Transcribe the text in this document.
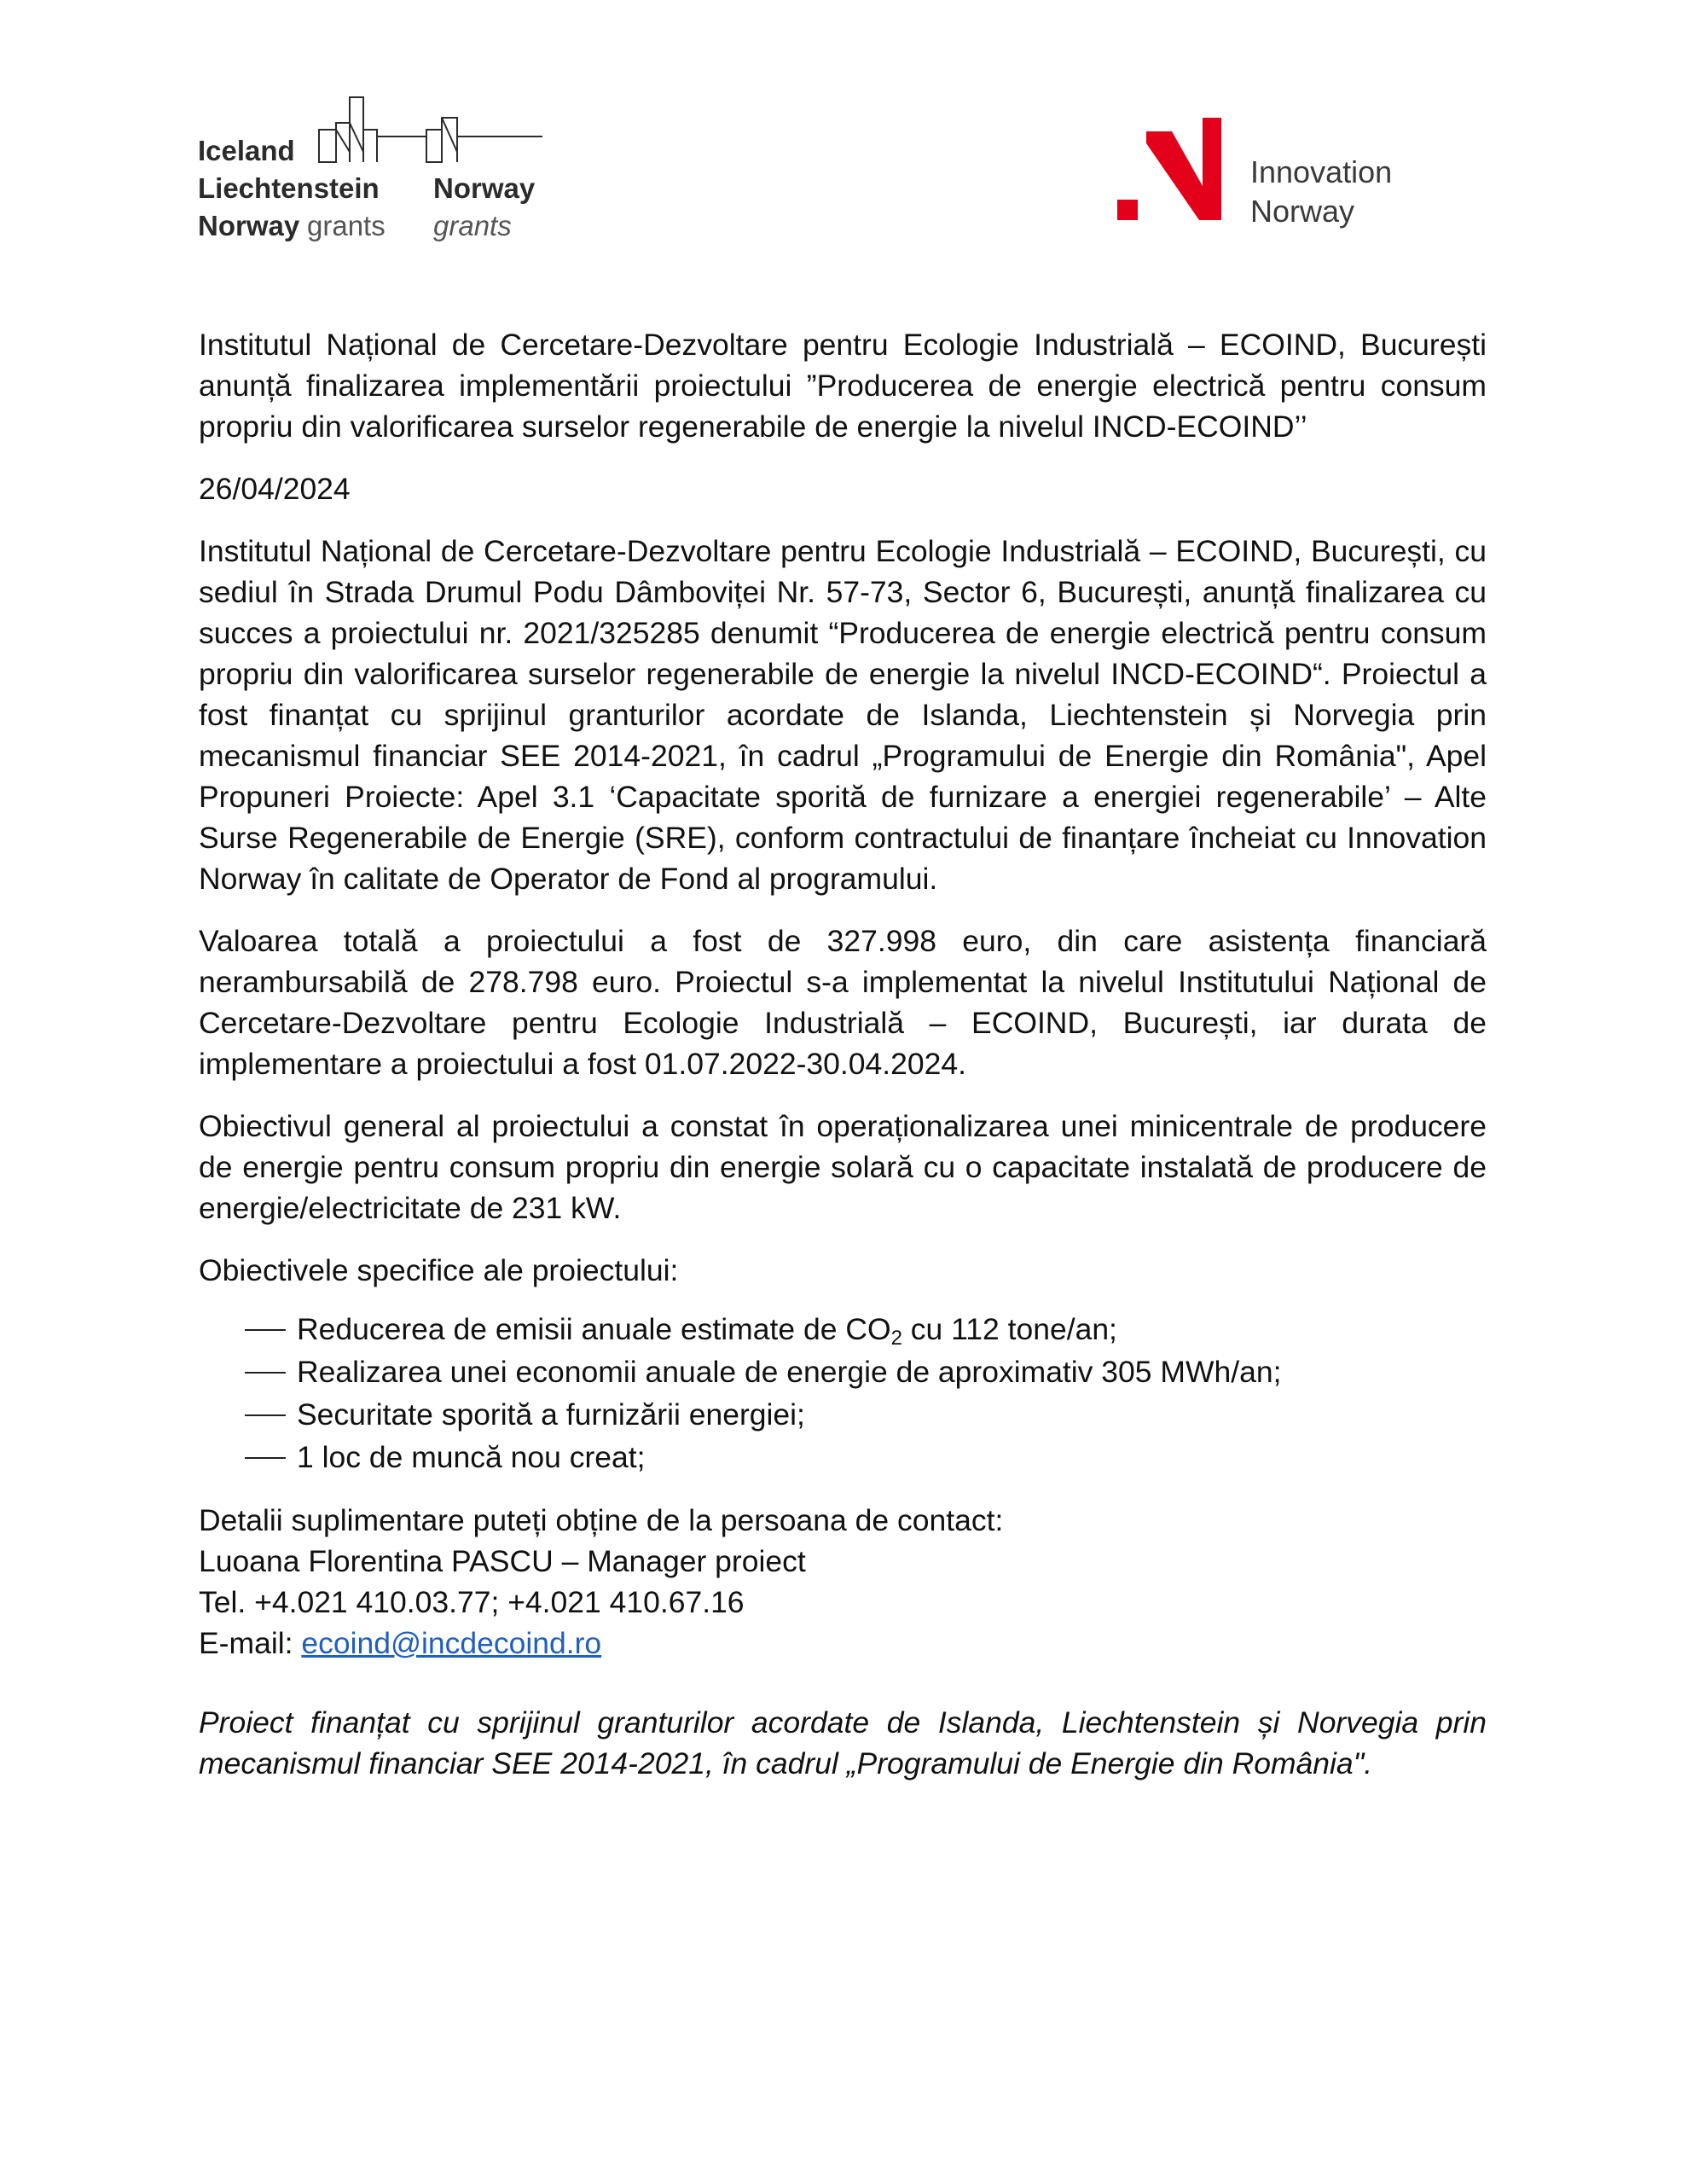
Iceland
Liechtenstein Norway
Norway grants grants
Innovation
Norway

Institutul Național de Cercetare-Dezvoltare pentru Ecologie Industrială – ECOIND, București anunță finalizarea implementării proiectului ”Producerea de energie electrică pentru consum propriu din valorificarea surselor regenerabile de energie la nivelul INCD-ECOIND’’

26/04/2024

Institutul Național de Cercetare-Dezvoltare pentru Ecologie Industrială – ECOIND, București, cu sediul în Strada Drumul Podu Dâmboviței Nr. 57-73, Sector 6, București, anunță finalizarea cu succes a proiectului nr. 2021/325285 denumit “Producerea de energie electrică pentru consum propriu din valorificarea surselor regenerabile de energie la nivelul INCD-ECOIND“. Proiectul a fost finanțat cu sprijinul granturilor acordate de Islanda, Liechtenstein și Norvegia prin mecanismul financiar SEE 2014-2021, în cadrul „Programului de Energie din România", Apel Propuneri Proiecte: Apel 3.1 ‘Capacitate sporită de furnizare a energiei regenerabile’ – Alte Surse Regenerabile de Energie (SRE), conform contractului de finanțare încheiat cu Innovation Norway în calitate de Operator de Fond al programului.

Valoarea totală a proiectului a fost de 327.998 euro, din care asistența financiară nerambursabilă de 278.798 euro. Proiectul s-a implementat la nivelul Institutului Național de Cercetare-Dezvoltare pentru Ecologie Industrială – ECOIND, București, iar durata de implementare a proiectului a fost 01.07.2022-30.04.2024.

Obiectivul general al proiectului a constat în operaționalizarea unei minicentrale de producere de energie pentru consum propriu din energie solară cu o capacitate instalată de producere de energie/electricitate de 231 kW.

Obiectivele specifice ale proiectului:

Reducerea de emisii anuale estimate de $CO_2$ cu 112 tone/an;
Realizarea unei economii anuale de energie de aproximativ 305 MWh/an;
Securitate sporită a furnizării energiei;
1 loc de muncă nou creat;

Detalii suplimentare puteți obține de la persoana de contact:

Luoana Florentina PASCU – Manager proiect

Tel. +4.021 410.03.77; +4.021 410.67.16

E-mail: ecoind@incdecoind.ro

Proiect finanțat cu sprijinul granturilor acordate de Islanda, Liechtenstein și Norvegia prin mecanismul financiar SEE 2014-2021, în cadrul „Programului de Energie din România".
